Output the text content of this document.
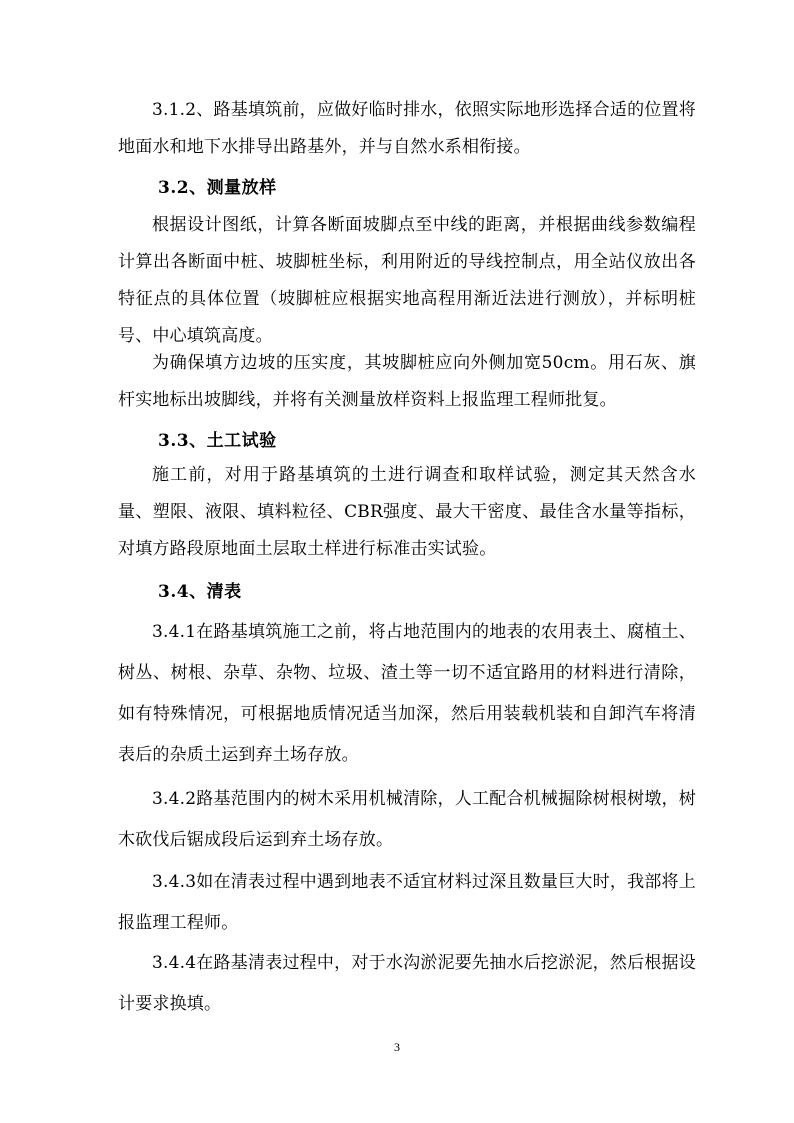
3.1.2、路基填筑前，应做好临时排水，依照实际地形选择合适的位置将地面水和地下水排导出路基外，并与自然水系相衔接。

3.2、测量放样

根据设计图纸，计算各断面坡脚点至中线的距离，并根据曲线参数编程计算出各断面中桩、坡脚桩坐标，利用附近的导线控制点，用全站仪放出各特征点的具体位置（坡脚桩应根据实地高程用渐近法进行测放），并标明桩号、中心填筑高度。

为确保填方边坡的压实度，其坡脚桩应向外侧加宽50cm。用石灰、旗杆实地标出坡脚线，并将有关测量放样资料上报监理工程师批复。

3.3、土工试验

施工前，对用于路基填筑的土进行调查和取样试验，测定其天然含水量、塑限、液限、填料粒径、CBR强度、最大干密度、最佳含水量等指标，对填方路段原地面土层取土样进行标准击实试验。

3.4、清表

3.4.1在路基填筑施工之前，将占地范围内的地表的农用表土、腐植土、树丛、树根、杂草、杂物、垃圾、渣土等一切不适宜路用的材料进行清除，如有特殊情况，可根据地质情况适当加深，然后用装载机装和自卸汽车将清表后的杂质土运到弃土场存放。

3.4.2路基范围内的树木采用机械清除，人工配合机械掘除树根树墩，树木砍伐后锯成段后运到弃土场存放。

3.4.3如在清表过程中遇到地表不适宜材料过深且数量巨大时，我部将上报监理工程师。

3.4.4在路基清表过程中，对于水沟淤泥要先抽水后挖淤泥，然后根据设计要求换填。

3
